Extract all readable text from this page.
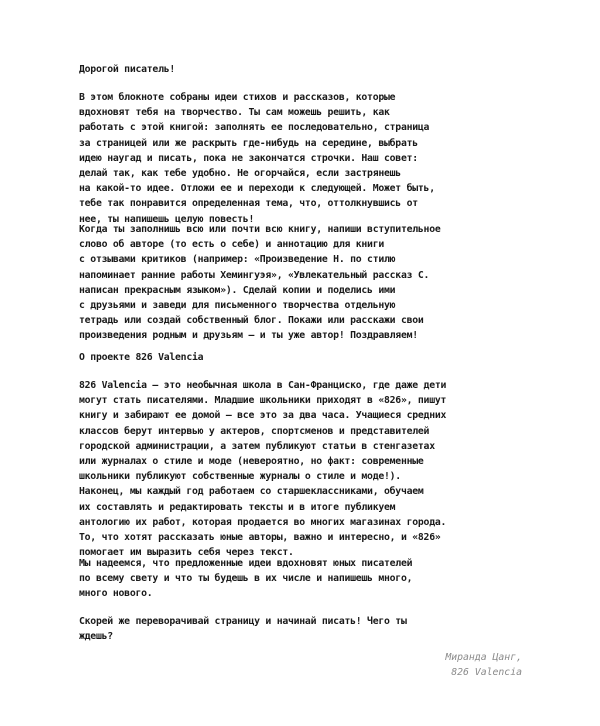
Дорогой писатель!
В этом блокноте собраны идеи стихов и рассказов, которые
вдохновят тебя на творчество. Ты сам можешь решить, как
работать с этой книгой: заполнять ее последовательно, страница
за страницей или же раскрыть где-нибудь на середине, выбрать
идею наугад и писать, пока не закончатся строчки. Наш совет:
делай так, как тебе удобно. Не огорчайся, если застрянешь
на какой-то идее. Отложи ее и переходи к следующей. Может быть,
тебе так понравится определенная тема, что, оттолкнувшись от
нее, ты напишешь целую повесть!
Когда ты заполнишь всю или почти всю книгу, напиши вступительное
слово об авторе (то есть о себе) и аннотацию для книги
с отзывами критиков (например: «Произведение Н. по стилю
напоминает ранние работы Хемингуэя», «Увлекательный рассказ С.
написан прекрасным языком»). Сделай копии и поделись ими
с друзьями и заведи для письменного творчества отдельную
тетрадь или создай собственный блог. Покажи или расскажи свои
произведения родным и друзьям — и ты уже автор! Поздравляем!
О проекте 826 Valencia
826 Valencia — это необычная школа в Сан-Франциско, где даже дети
могут стать писателями. Младшие школьники приходят в «826», пишут
книгу и забирают ее домой — все это за два часа. Учащиеся средних
классов берут интервью у актеров, спортсменов и представителей
городской администрации, а затем публикуют статьи в стенгазетах
или журналах о стиле и моде (невероятно, но факт: современные
школьники публикуют собственные журналы о стиле и моде!).
Наконец, мы каждый год работаем со старшеклассниками, обучаем
их составлять и редактировать тексты и в итоге публикуем
антологию их работ, которая продается во многих магазинах города.
То, что хотят рассказать юные авторы, важно и интересно, и «826»
помогает им выразить себя через текст.
Мы надеемся, что предложенные идеи вдохновят юных писателей
по всему свету и что ты будешь в их числе и напишешь много,
много нового.
Скорей же переворачивай страницу и начинай писать! Чего ты
ждешь?
Миранда Цанг,
826 Valencia
